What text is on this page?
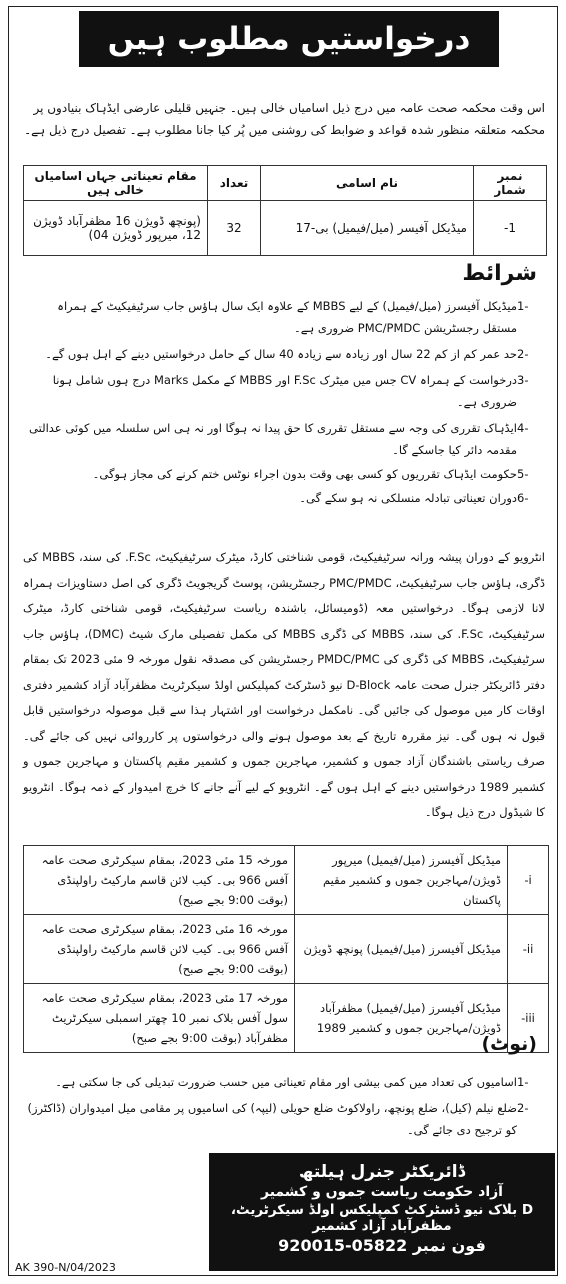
درخواستیں مطلوب ہیں
اس وقت محکمہ صحت عامہ میں درج ذیل اسامیاں خالی ہیں۔ جنہیں قلیلی عارضی ایڈہاک بنیادوں پر محکمہ متعلقہ منظور شدہ قواعد و ضوابط کی روشنی میں پُر کیا جانا مطلوب ہے۔ تفصیل درج ذیل ہے۔
نمبر شمار	نام اسامی	تعداد	مقام تعیناتی جہاں اسامیاں خالی ہیں
1-	میڈیکل آفیسر (میل/فیمیل) بی-17	32	(پونچھ ڈویژن 16 مظفرآباد ڈویژن 12، میرپور ڈویژن 04)
شرائط
1-
میڈیکل آفیسرز (میل/فیمیل) کے لیے MBBS کے علاوہ ایک سال ہاؤس جاب سرٹیفیکیٹ کے ہمراہ مستقل رجسٹریشن PMC/PMDC ضروری ہے۔
2-
حد عمر کم از کم 22 سال اور زیادہ سے زیادہ 40 سال کے حامل درخواستیں دینے کے اہل ہوں گے۔
3-
درخواست کے ہمراہ CV جس میں میٹرک F.Sc اور MBBS کے مکمل Marks درج ہوں شامل ہونا ضروری ہے۔
4-
ایڈہاک تقرری کی وجہ سے مستقل تقرری کا حق پیدا نہ ہوگا اور نہ ہی اس سلسلہ میں کوئی عدالتی مقدمہ دائر کیا جاسکے گا۔
5-
حکومت ایڈہاک تقرریوں کو کسی بھی وقت بدون اجراء نوٹس ختم کرنے کی مجاز ہوگی۔
6-
دوران تعیناتی تبادلہ منسلکی نہ ہو سکے گی۔
انٹرویو کے دوران پیشہ ورانہ سرٹیفیکیٹ، قومی شناختی کارڈ، میٹرک سرٹیفیکیٹ، F.Sc. کی سند، MBBS کی ڈگری، ہاؤس جاب سرٹیفیکیٹ، PMC/PMDC رجسٹریشن، پوسٹ گریجویٹ ڈگری کی اصل دستاویزات ہمراہ لانا لازمی ہوگا۔ درخواستیں معہ (ڈومیسائل، باشندہ ریاست سرٹیفیکیٹ، قومی شناختی کارڈ، میٹرک سرٹیفیکیٹ، F.Sc. کی سند، MBBS کی ڈگری MBBS کی مکمل تفصیلی مارک شیٹ (DMC)، ہاؤس جاب سرٹیفیکیٹ، MBBS کی ڈگری کی PMDC/PMC رجسٹریشن کی مصدقہ نقول مورخہ 9 مئی 2023 تک بمقام دفتر ڈائریکٹر جنرل صحت عامہ D-Block نیو ڈسٹرکٹ کمپلیکس اولڈ سیکرٹریٹ مظفرآباد آزاد کشمیر دفتری اوقات کار میں موصول کی جائیں گی۔ نامکمل درخواست اور اشتہار ہذا سے قبل موصولہ درخواستیں قابل قبول نہ ہوں گی۔ نیز مقررہ تاریخ کے بعد موصول ہونے والی درخواستوں پر کارروائی نہیں کی جائے گی۔ صرف ریاستی باشندگان آزاد جموں و کشمیر، مہاجرین جموں و کشمیر مقیم پاکستان و مہاجرین جموں و کشمیر 1989 درخواستیں دینے کے اہل ہوں گے۔ انٹرویو کے لیے آنے جانے کا خرچ امیدوار کے ذمہ ہوگا۔ انٹرویو کا شیڈول درج ذیل ہوگا۔
i-	میڈیکل آفیسرز (میل/فیمیل) میرپور ڈویژن/مہاجرین جموں و کشمیر مقیم پاکستان	مورخہ 15 مئی 2023، بمقام سیکرٹری صحت عامہ آفس 966 بی۔ کیب لائن قاسم مارکیٹ راولپنڈی (بوقت 9:00 بجے صبح)
ii-	میڈیکل آفیسرز (میل/فیمیل) پونچھ ڈویژن	مورخہ 16 مئی 2023، بمقام سیکرٹری صحت عامہ آفس 966 بی۔ کیب لائن قاسم مارکیٹ راولپنڈی (بوقت 9:00 بجے صبح)
iii-	میڈیکل آفیسرز (میل/فیمیل) مظفرآباد ڈویژن/مہاجرین جموں و کشمیر 1989	مورخہ 17 مئی 2023، بمقام سیکرٹری صحت عامہ سول آفس بلاک نمبر 10 چھتر اسمبلی سیکرٹریٹ مظفرآباد (بوقت 9:00 بجے صبح)	(نوٹ)
1-
اسامیوں کی تعداد میں کمی بیشی اور مقام تعیناتی میں حسب ضرورت تبدیلی کی جا سکتی ہے۔
2-
ضلع نیلم (کیل)، ضلع پونچھ، راولاکوٹ ضلع حویلی (لیپہ) کی اسامیوں پر مقامی میل امیدواران (ڈاکٹرز) کو ترجیح دی جائے گی۔
ڈائریکٹر جنرل ہیلتھ
آزاد حکومت ریاست جموں و کشمیر
D بلاک نیو ڈسٹرکٹ کمپلیکس اولڈ سیکرٹریٹ، مظفرآباد آزاد کشمیر
فون نمبر 05822-920015
AK 390-N/04/2023
